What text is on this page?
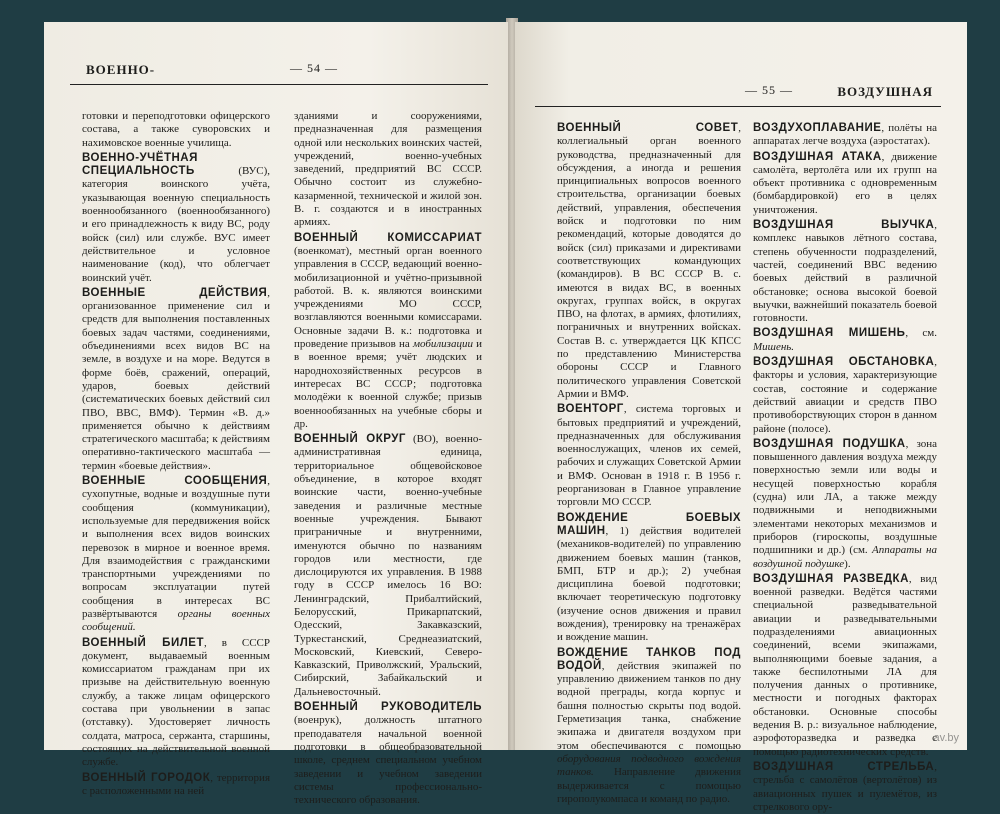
ВОЕННО-	— 54 —

готовки и переподготовки офицерского состава, а также суворовских и нахимовское военные училища.

ВОЕННО-УЧЁТНАЯ СПЕЦИАЛЬНОСТЬ (ВУС), категория воинского учёта, указывающая военную специальность военнообязанного (военнообязанного) и его принадлежность к виду ВС, роду войск (сил) или службе. ВУС имеет действительное и условное наименование (код), что облегчает воинский учёт.

ВОЕННЫЕ ДЕЙСТВИЯ, организованное применение сил и средств для выполнения поставленных боевых задач частями, соединениями, объединениями всех видов ВС на земле, в воздухе и на море. Ведутся в форме боёв, сражений, операций, ударов, боевых действий (систематических боевых действий сил ПВО, ВВС, ВМФ). Термин «В. д.» применяется обычно к действиям стратегического масштаба; к действиям оперативно-тактического масштаба — термин «боевые действия».

ВОЕННЫЕ СООБЩЕНИЯ, сухопутные, водные и воздушные пути сообщения (коммуникации), используемые для передвижения войск и выполнения всех видов воинских перевозок в мирное и военное время. Для взаимодействия с гражданскими транспортными учреждениями по вопросам эксплуатации путей сообщения в интересах ВС развёртываются органы военных сообщений.

ВОЕННЫЙ БИЛЕТ, в СССР документ, выдаваемый военным комиссариатом гражданам при их призыве на действительную военную службу, а также лицам офицерского состава при увольнении в запас (отставку). Удостоверяет личность солдата, матроса, сержанта, старшины, состоящих на действительной военной службе.

ВОЕННЫЙ ГОРОДОК, территория с расположенными на ней

зданиями и сооружениями, предназначенная для размещения одной или нескольких воинских частей, учреждений, военно-учебных заведений, предприятий ВС СССР. Обычно состоит из служебно-казарменной, технической и жилой зон. В. г. создаются и в иностранных армиях.

ВОЕННЫЙ КОМИССАРИАТ (военкомат), местный орган военного управления в СССР, ведающий военно-мобилизационной и учётно-призывной работой. В. к. являются воинскими учреждениями МО СССР, возглавляются военными комиссарами. Основные задачи В. к.: подготовка и проведение призывов на мобилизации и в военное время; учёт людских и народнохозяйственных ресурсов в интересах ВС СССР; подготовка молодёжи к военной службе; призыв военнообязанных на учебные сборы и др.

ВОЕННЫЙ ОКРУГ (ВО), военно-административная единица, территориальное общевойсковое объединение, в которое входят воинские части, военно-учебные заведения и различные местные военные учреждения. Бывают приграничные и внутренними, именуются обычно по названиям городов или местности, где дислоцируются их управления. В 1988 году в СССР имелось 16 ВО: Ленинградский, Прибалтийский, Белорусский, Прикарпатский, Одесский, Закавказский, Туркестанский, Среднеазиатский, Московский, Киевский, Северо-Кавказский, Приволжский, Уральский, Сибирский, Забайкальский и Дальневосточный.

ВОЕННЫЙ РУКОВОДИТЕЛЬ (военрук), должность штатного преподавателя начальной военной подготовки в общеобразовательной школе, среднем специальном учебном заведении и учебном заведении системы профессионально-технического образования.

— 55 —	ВОЗДУШНАЯ

ВОЕННЫЙ СОВЕТ, коллегиальный орган военного руководства, предназначенный для обсуждения, а иногда и решения принципиальных вопросов военного строительства, организации боевых действий, управления, обеспечения войск и подготовки по ним рекомендаций, которые доводятся до войск (сил) приказами и директивами соответствующих командующих (командиров). В ВС СССР В. с. имеются в видах ВС, в военных округах, группах войск, в округах ПВО, на флотах, в армиях, флотилиях, пограничных и внутренних войсках. Состав В. с. утверждается ЦК КПСС по представлению Министерства обороны СССР и Главного политического управления Советской Армии и ВМФ.

ВОЕНТОРГ, система торговых и бытовых предприятий и учреждений, предназначенных для обслуживания военнослужащих, членов их семей, рабочих и служащих Советской Армии и ВМФ. Основан в 1918 г. В 1956 г. реорганизован в Главное управление торговли МО СССР.

ВОЖДЕНИЕ БОЕВЫХ МАШИН, 1) действия водителей (механиков-водителей) по управлению движением боевых машин (танков, БМП, БТР и др.); 2) учебная дисциплина боевой подготовки; включает теоретическую подготовку (изучение основ движения и правил вождения), тренировку на тренажёрах и вождение машин.

ВОЖДЕНИЕ ТАНКОВ ПОД ВОДОЙ, действия экипажей по управлению движением танков по дну водной преграды, когда корпус и башня полностью скрыты под водой. Герметизация танка, снабжение экипажа и двигателя воздухом при этом обеспечиваются с помощью оборудования подводного вождения танков. Направление движения выдерживается с помощью гирополукомпаса и команд по радио.

ВОЗДУХОПЛАВАНИЕ, полёты на аппаратах легче воздуха (аэростатах).

ВОЗДУШНАЯ АТАКА, движение самолёта, вертолёта или их групп на объект противника с одновременным (бомбардировкой) его в целях уничтожения.

ВОЗДУШНАЯ ВЫУЧКА, комплекс навыков лётного состава, степень обученности подразделений, частей, соединений ВВС ведению боевых действий в различной обстановке; основа высокой боевой выучки, важнейший показатель боевой готовности.

ВОЗДУШНАЯ МИШЕНЬ, см. Мишень.

ВОЗДУШНАЯ ОБСТАНОВКА, факторы и условия, характеризующие состав, состояние и содержание действий авиации и средств ПВО противоборствующих сторон в данном районе (полосе).

ВОЗДУШНАЯ ПОДУШКА, зона повышенного давления воздуха между поверхностью земли или воды и несущей поверхностью корабля (судна) или ЛА, а также между подвижными и неподвижными элементами некоторых механизмов и приборов (гироскопы, воздушные подшипники и др.) (см. Аппараты на воздушной подушке).

ВОЗДУШНАЯ РАЗВЕДКА, вид военной разведки. Ведётся частями специальной разведывательной авиации и разведывательными подразделениями авиационных соединений, всеми экипажами, выполняющими боевые задания, а также беспилотными ЛА для получения данных о противнике, местности и погодных факторах обстановки. Основные способы ведения В. р.: визуальное наблюдение, аэрофоторазведка и разведка с помощью радиотехнических средств.

ВОЗДУШНАЯ СТРЕЛЬБА, стрельба с самолётов (вертолётов) из авиационных пушек и пулемётов, из стрелкового ору-

av.by
